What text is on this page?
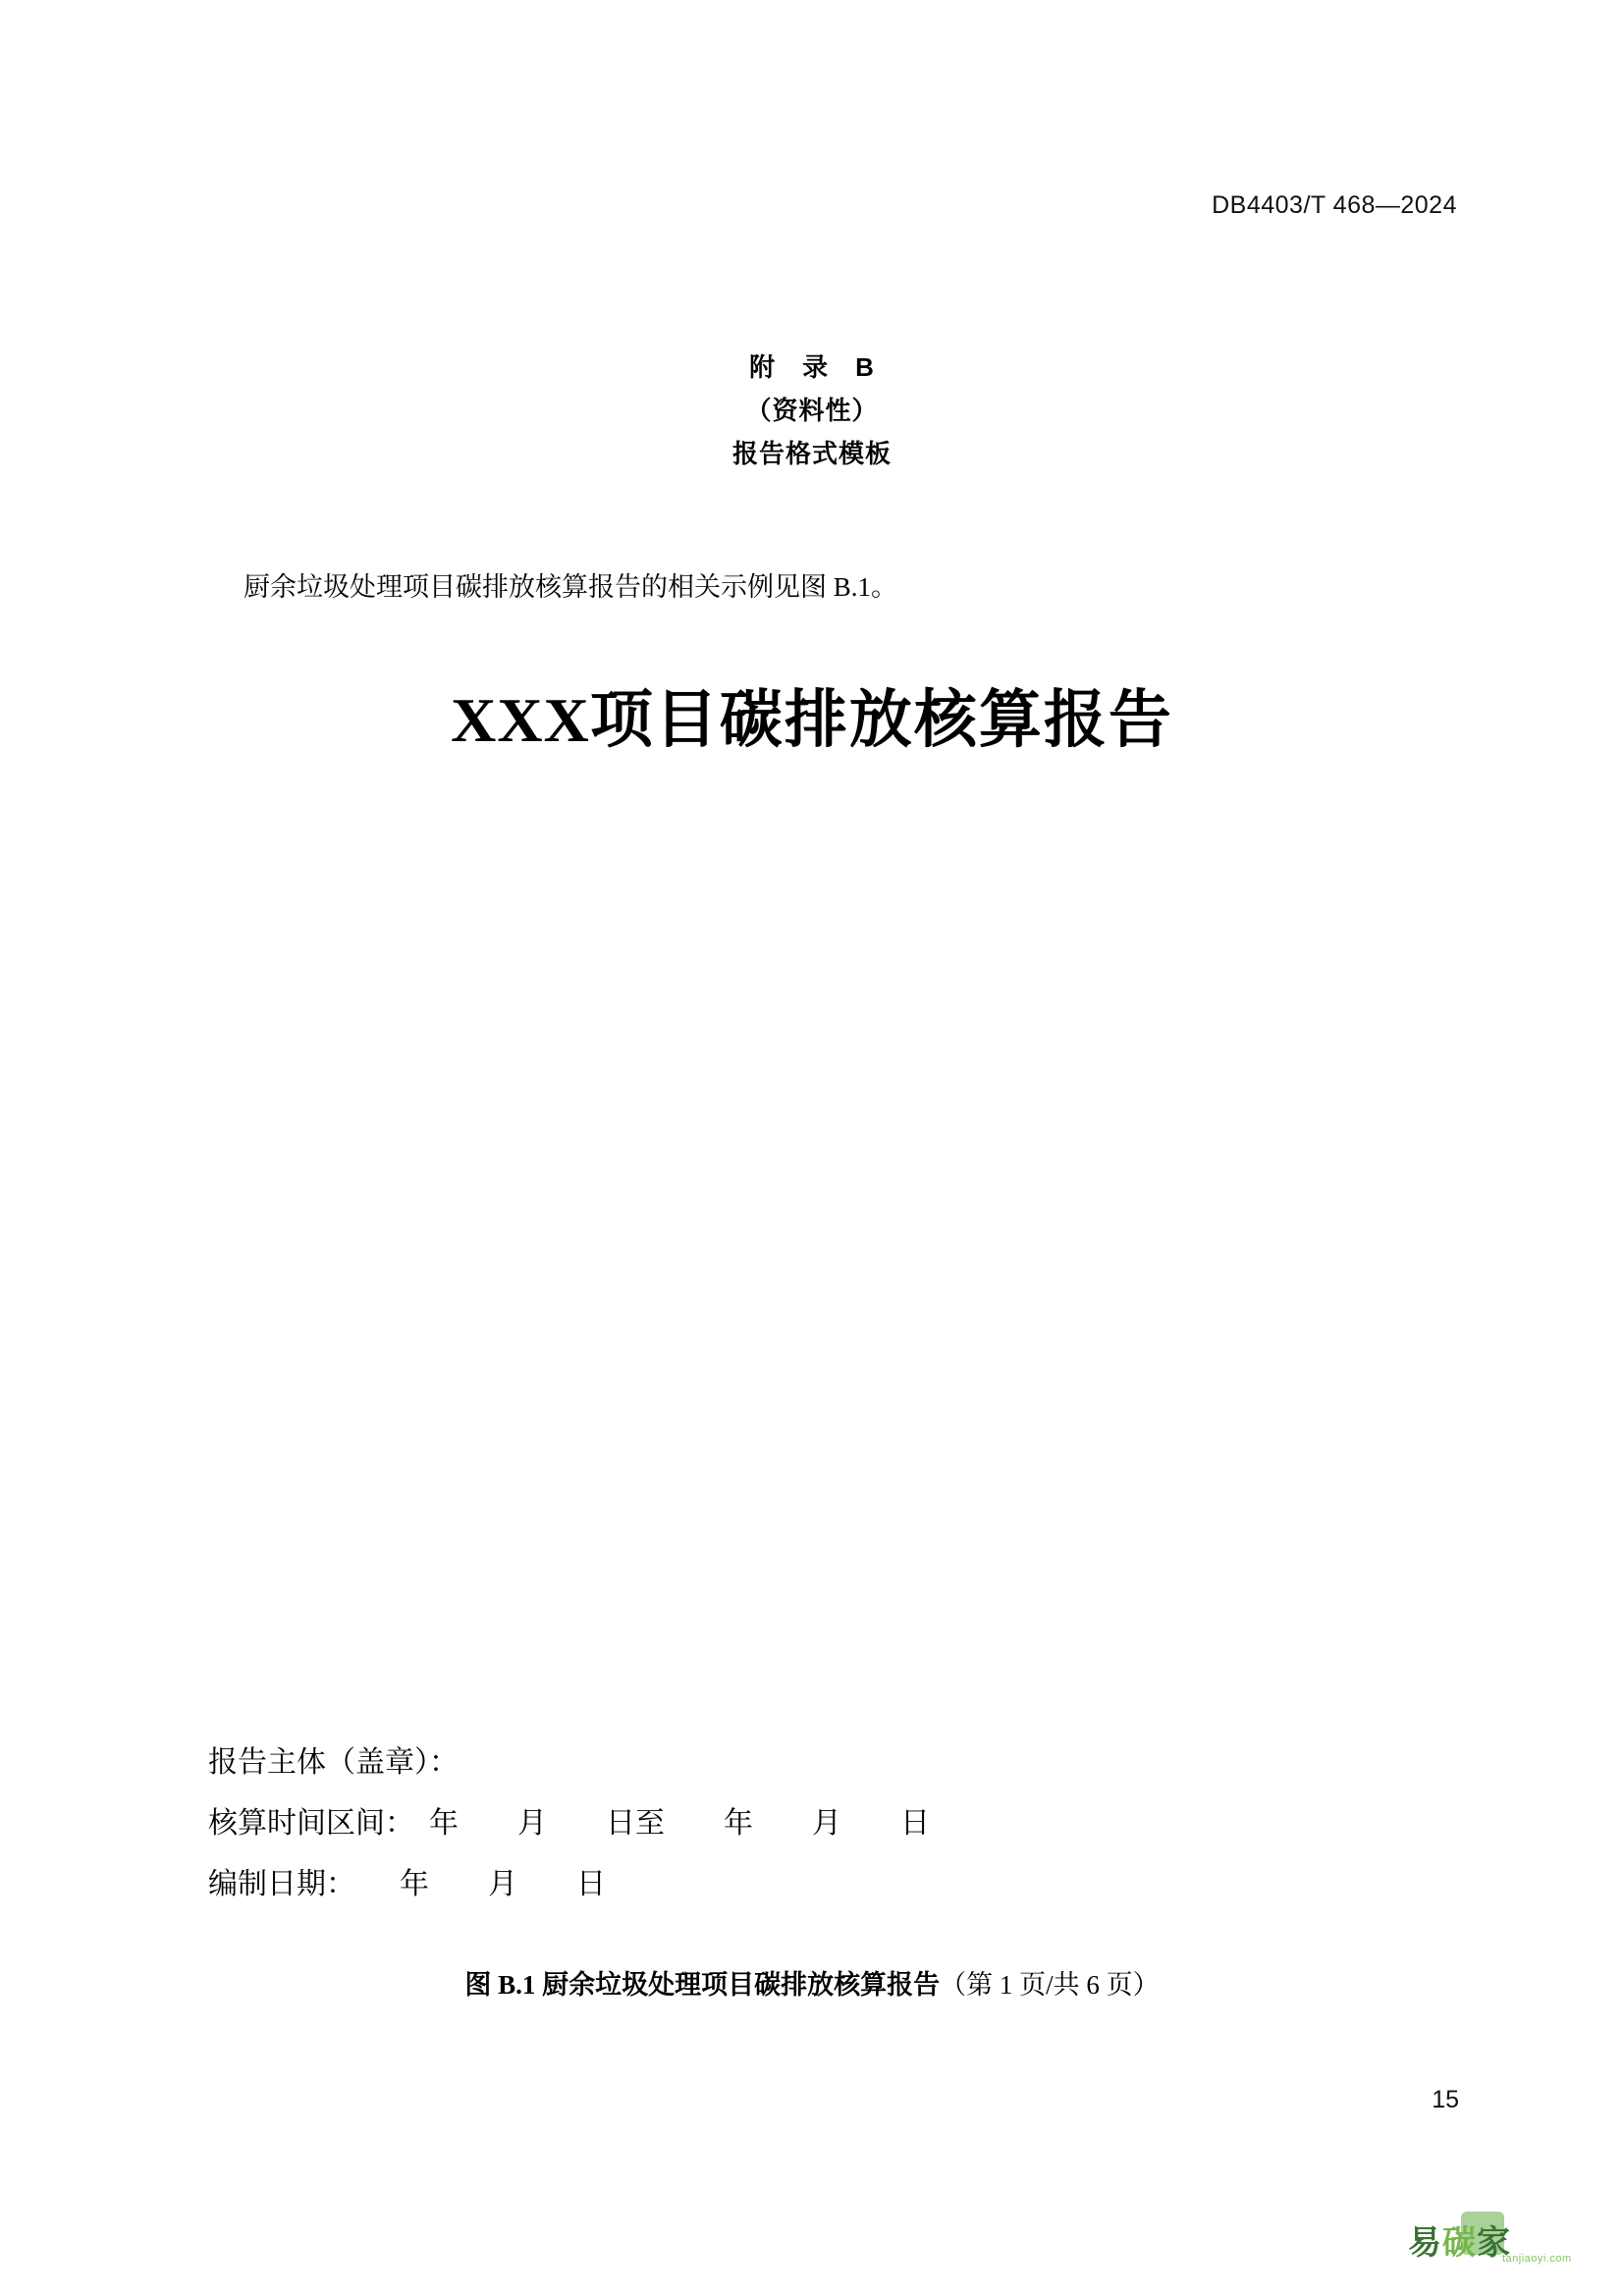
DB4403/T 468—2024
附　录　B
（资料性）
报告格式模板
厨余垃圾处理项目碳排放核算报告的相关示例见图 B.1。
XXX项目碳排放核算报告
报告主体（盖章）：
核算时间区间：　年　　月　　日至　　年　　月　　日
编制日期：　　年　　月　　日
图 B.1 厨余垃圾处理项目碳排放核算报告（第 1 页/共 6 页）
15
易碳家
tanjiaoyi.com
